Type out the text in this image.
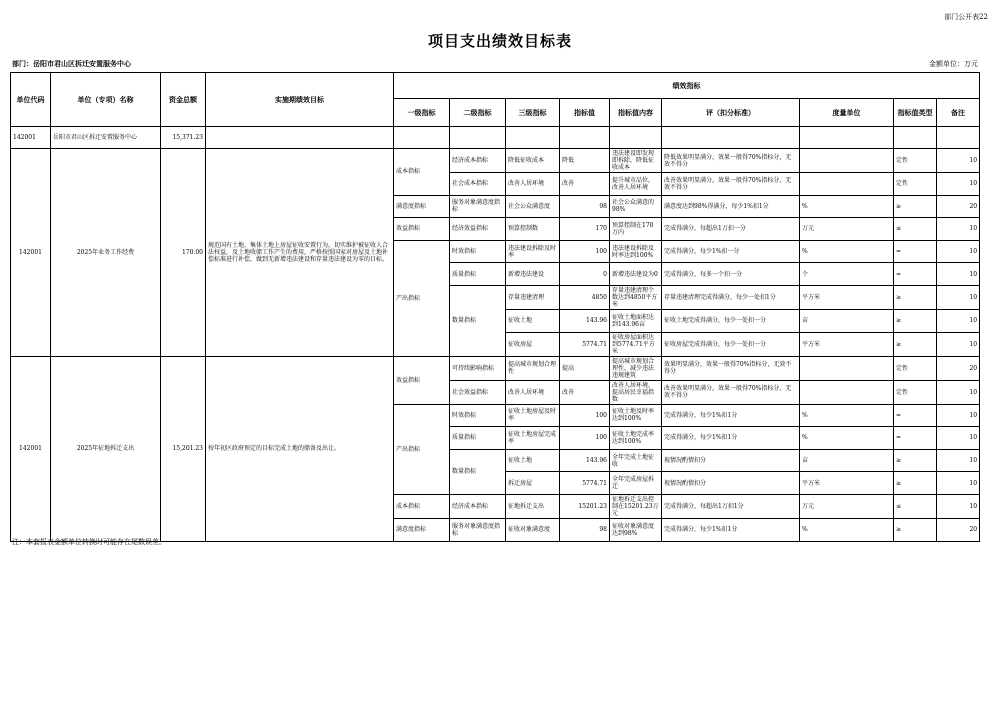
部门公开表22
项目支出绩效目标表
部门：岳阳市君山区拆迁安置服务中心	金额单位：万元
单位代码	单位（专项）名称	资金总额	实施期绩效目标	绩效指标								
				一级指标	二级指标	三级指标	指标值	指标值内容	评（扣分标准）	度量单位	指标值类型	备注
142001	岳阳市君山区拆迁安置服务中心	15,371.23										
142001	2025年业务工作经费	170.00	规范国有土地、集体土地上房屋征收安置行为，切实维护被征收人合法权益，及土地收储工作产生的费用，严格按照国家对房屋及土地补偿标准进行补偿，做到无新增违法建设和存量违法建设为零的目标。	成本指标	经济成本指标	降低征收成本	降低	违法建设即发现即拆除，降低征收成本	降低效果明显满分，效果一般得70%指标分，无效不得分		定性	10
					社会成本指标	改善人居环境	改善	提升城市品位，改善人居环境	改善效果明显满分，效果一般得70%指标分，无效不得分		定性	10
				满意度指标	服务对象满意度指标	社会公众满意度	98	社会公众满意的98%	满意度达到98%得满分，每少1%扣1分	%	≥	20
				效益指标	经济效益指标	预算控制数	170	预算控制在170万内	完成得满分，每超出1万扣一分	万元	≤	10
				产出指标	时效指标	违法建设拆除及时率	100	违法建设拆除及时率达到100%	完成得满分，每少1%扣一分	%	=	10
					质量指标	新增违法建设	0	新增违法建设为0	完成得满分，每多一个扣一分	个	=	10
					数量指标	存量违建清理	4850	存量违建清理个数达到4850平方米	存量违建清理完成得满分，每少一处扣1分	平方米	≥	10
						征收土地	143.96	征收土地面积达到143.96亩	征收土地完成得满分，每少一处扣一分	亩	≥	10
						征收房屋	5774.71	征收房屋面积达到5774.71平方米	征收房屋完成得满分，每少一处扣一分	平方米	≥	10
142001	2025年征地拆迁支出	15,201.23	按年初区政府预定的目标完成土地的储备及出让。	效益指标	可持续影响指标	提高城市规划合理性	提高	提高城市规划合理性，减少违法违规建筑	效果明显满分，效果一般得70%指标分，无效不得分		定性	20
					社会效益指标	改善人居环境	改善	改善人居环境，提高居民幸福指数	改善效果明显满分，效果一般得70%指标分，无效不得分		定性	10
				产出指标	时效指标	征收土地房屋及时率	100	征收土地及时率达到100%	完成得满分，每少1%扣1分	%	=	10
					质量指标	征收土地房屋完成率	100	征收土地完成率达到100%	完成得满分，每少1%扣1分	%	=	10
					数量指标	征收土地	143.96	全年完成土地征收	视情况酌情扣分	亩	≥	10
						拆迁房屋	5774.71	全年完成房屋拆迁	视情况酌情扣分	平方米	≥	10
				成本指标	经济成本指标	征地拆迁支出	15201.23	征地拆迁支出控制在15201.23万元	完成得满分，每超出1万扣1分	万元	≤	10
				满意度指标	服务对象满意度指标	征收对象满意度	98	征收对象满意度达到98%	完成得满分，每少1%扣1分	%	≥	20
注：本套报表金额单位转换时可能存在尾数误差。
